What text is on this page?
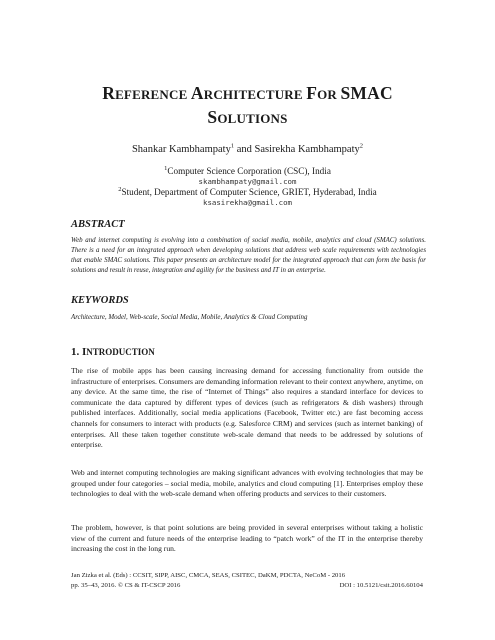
REFERENCE ARCHITECTURE FOR SMAC
SOLUTIONS
Shankar Kambhampaty$^1$ and Sasirekha Kambhampaty$^2$
$^1$Computer Science Corporation (CSC), India
skambhampaty@gmail.com
$^2$Student, Department of Computer Science, GRIET, Hyderabad, India
ksasirekha@gmail.com
ABSTRACT
Web and internet computing is evolving into a combination of social media, mobile, analytics and cloud (SMAC) solutions. There is a need for an integrated approach when developing solutions that address web scale requirements with technologies that enable SMAC solutions. This paper presents an architecture model for the integrated approach that can form the basis for solutions and result in reuse, integration and agility for the business and IT in an enterprise.
KEYWORDS
Architecture, Model, Web-scale, Social Media, Mobile, Analytics & Cloud Computing
1. INTRODUCTION
The rise of mobile apps has been causing increasing demand for accessing functionality from outside the infrastructure of enterprises. Consumers are demanding information relevant to their context anywhere, anytime, on any device. At the same time, the rise of “Internet of Things” also requires a standard interface for devices to communicate the data captured by different types of devices (such as refrigerators & dish washers) through published interfaces. Additionally, social media applications (Facebook, Twitter etc.) are fast becoming access channels for consumers to interact with products (e.g. Salesforce CRM) and services (such as internet banking) of enterprises. All these taken together constitute web-scale demand that needs to be addressed by solutions of enterprise.
Web and internet computing technologies are making significant advances with evolving technologies that may be grouped under four categories – social media, mobile, analytics and cloud computing [1]. Enterprises employ these technologies to deal with the web-scale demand when offering products and services to their customers.
The problem, however, is that point solutions are being provided in several enterprises without taking a holistic view of the current and future needs of the enterprise leading to “patch work” of the IT in the enterprise thereby increasing the cost in the long run.
Jan Zizka et al. (Eds) : CCSIT, SIPP, AISC, CMCA, SEAS, CSITEC, DaKM, PDCTA, NeCoM - 2016
pp. 35–43, 2016. © CS & IT-CSCP 2016	DOI : 10.5121/csit.2016.60104
